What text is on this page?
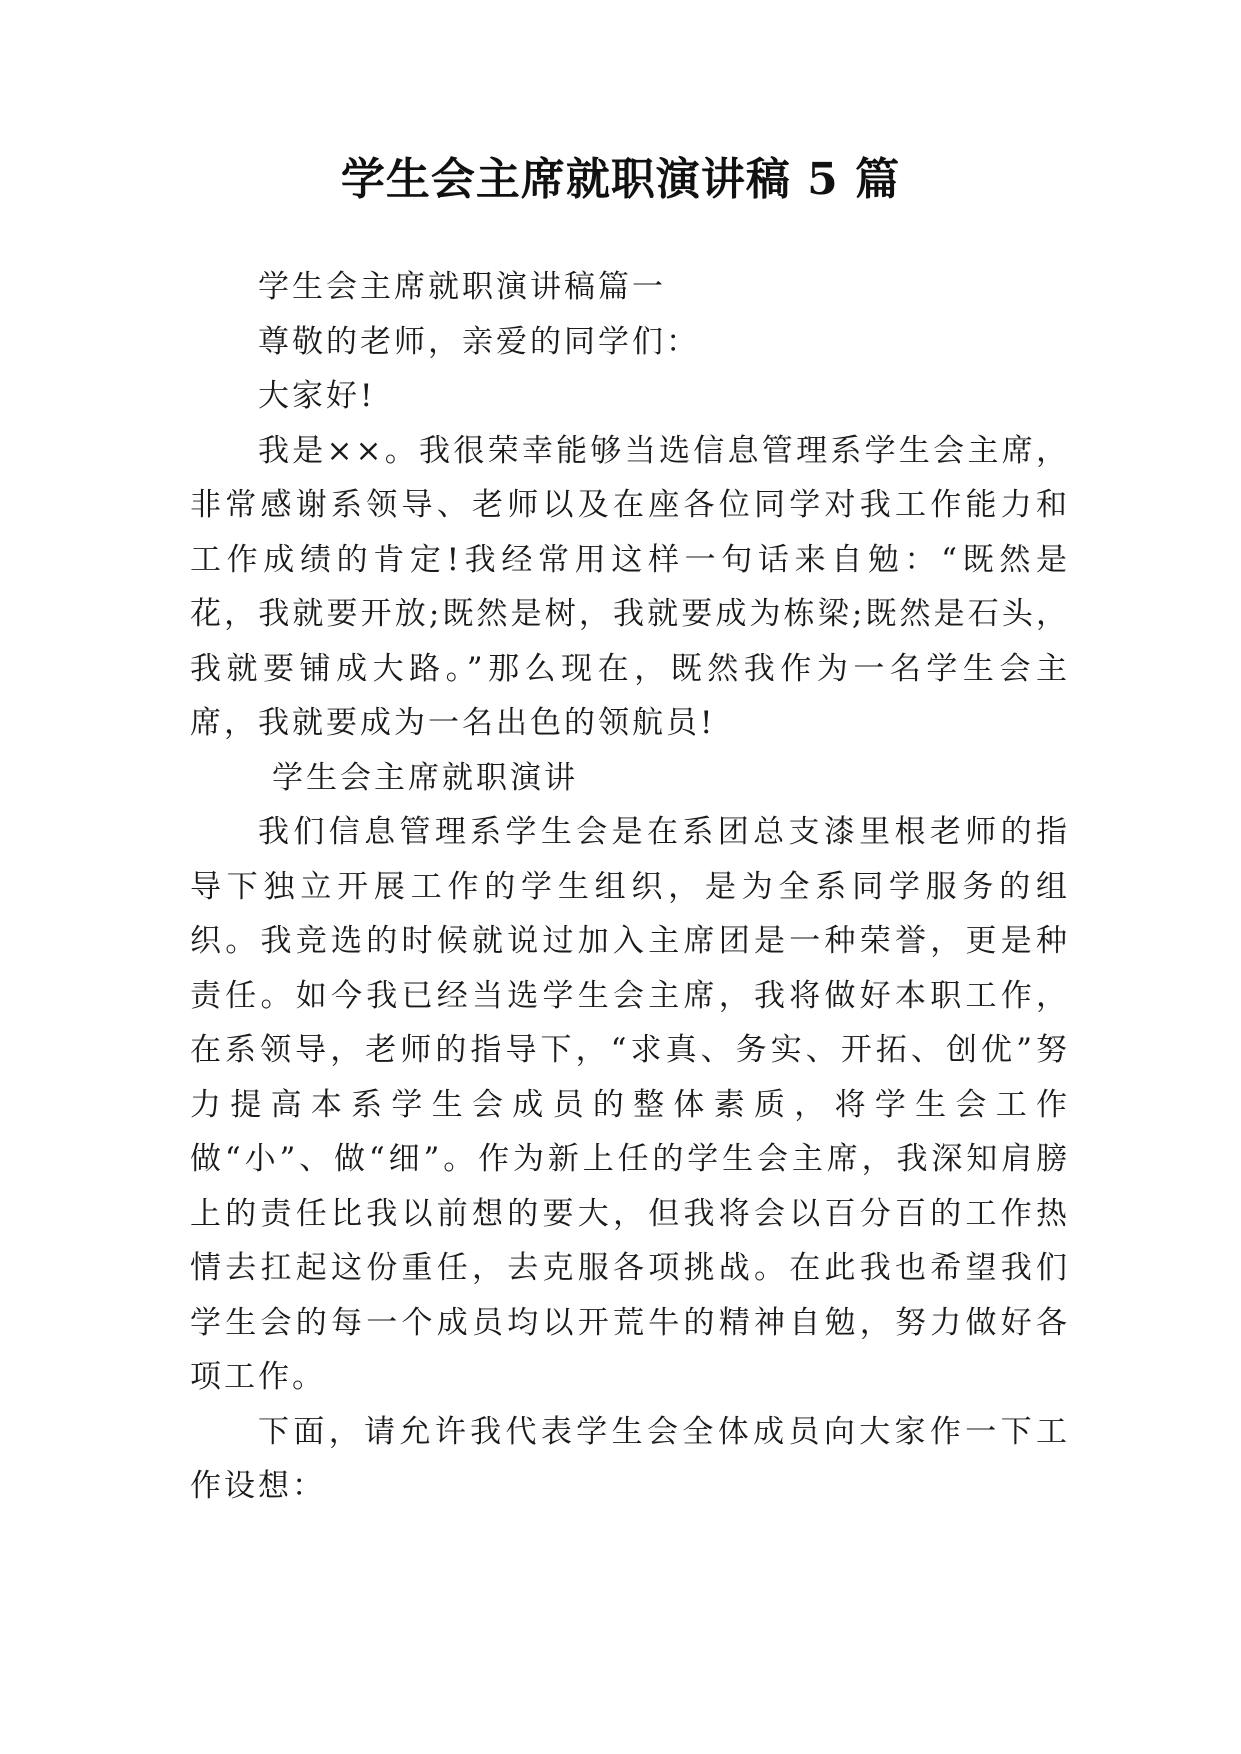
学生会主席就职演讲稿 5 篇

学生会主席就职演讲稿篇一

尊敬的老师，亲爱的同学们：

大家好!

我是××。我很荣幸能够当选信息管理系学生会主席，非常感谢系领导、老师以及在座各位同学对我工作能力和工作成绩的肯定!我经常用这样一句话来自勉：“既然是花，我就要开放;既然是树，我就要成为栋梁;既然是石头，我就要铺成大路。”那么现在，既然我作为一名学生会主席，我就要成为一名出色的领航员!

学生会主席就职演讲

我们信息管理系学生会是在系团总支漆里根老师的指导下独立开展工作的学生组织，是为全系同学服务的组织。我竞选的时候就说过加入主席团是一种荣誉，更是种责任。如今我已经当选学生会主席，我将做好本职工作，在系领导，老师的指导下，“求真、务实、开拓、创优”努力提高本系学生会成员的整体素质，将学生会工作做“小”、做“细”。作为新上任的学生会主席，我深知肩膀上的责任比我以前想的要大，但我将会以百分百的工作热情去扛起这份重任，去克服各项挑战。在此我也希望我们学生会的每一个成员均以开荒牛的精神自勉，努力做好各项工作。

下面，请允许我代表学生会全体成员向大家作一下工作设想：
